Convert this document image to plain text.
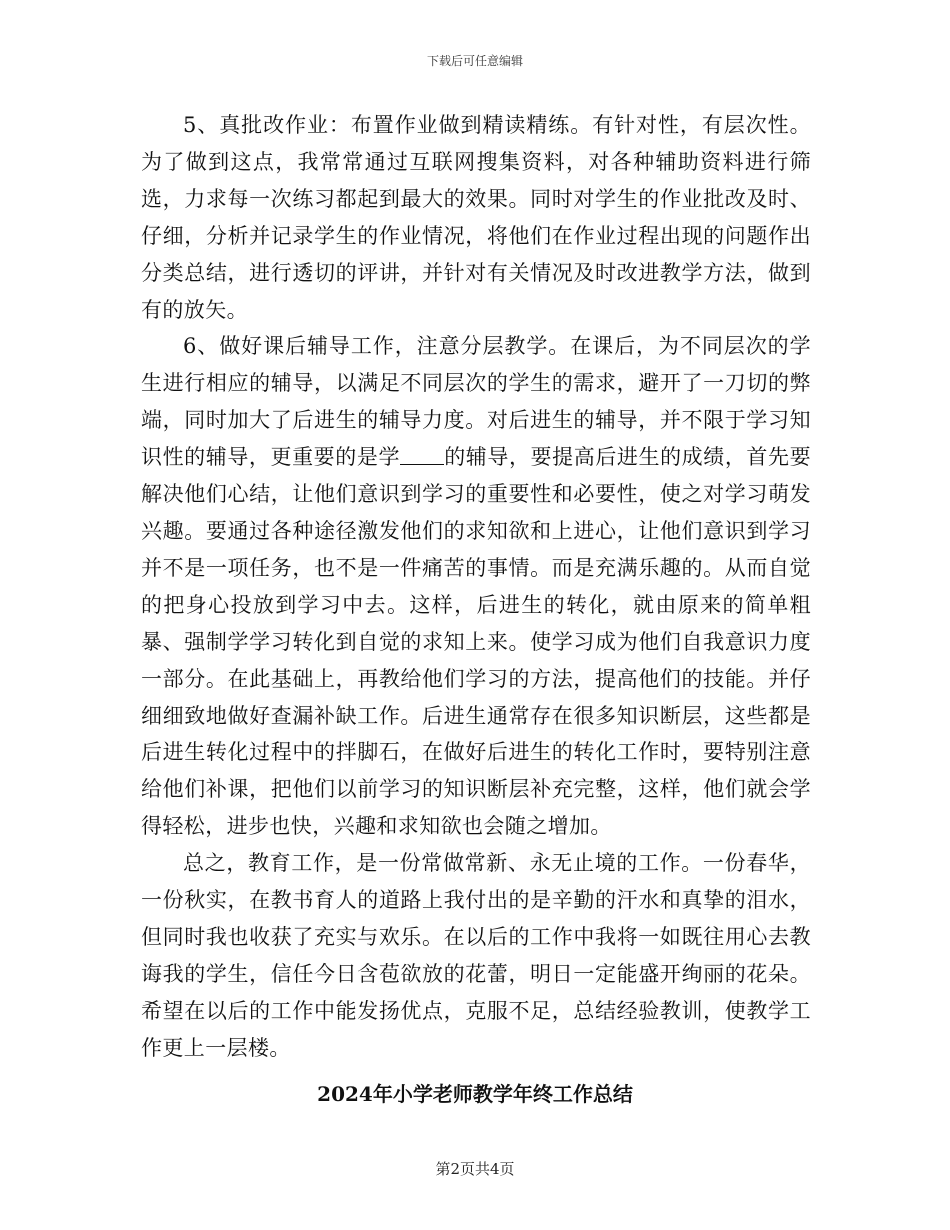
下载后可任意编辑

5、真批改作业：布置作业做到精读精练。有针对性，有层次性。为了做到这点，我常常通过互联网搜集资料，对各种辅助资料进行筛选，力求每一次练习都起到最大的效果。同时对学生的作业批改及时、仔细，分析并记录学生的作业情况，将他们在作业过程出现的问题作出分类总结，进行透切的评讲，并针对有关情况及时改进教学方法，做到有的放矢。

6、做好课后辅导工作，注意分层教学。在课后，为不同层次的学生进行相应的辅导，以满足不同层次的学生的需求，避开了一刀切的弊端，同时加大了后进生的辅导力度。对后进生的辅导，并不限于学习知识性的辅导，更重要的是学 的辅导，要提高后进生的成绩，首先要解决他们心结，让他们意识到学习的重要性和必要性，使之对学习萌发兴趣。要通过各种途径激发他们的求知欲和上进心，让他们意识到学习并不是一项任务，也不是一件痛苦的事情。而是充满乐趣的。从而自觉的把身心投放到学习中去。这样，后进生的转化，就由原来的简单粗暴、强制学学习转化到自觉的求知上来。使学习成为他们自我意识力度一部分。在此基础上，再教给他们学习的方法，提高他们的技能。并仔细细致地做好查漏补缺工作。后进生通常存在很多知识断层，这些都是后进生转化过程中的拌脚石，在做好后进生的转化工作时，要特别注意给他们补课，把他们以前学习的知识断层补充完整，这样，他们就会学得轻松，进步也快，兴趣和求知欲也会随之增加。

总之，教育工作，是一份常做常新、永无止境的工作。一份春华，一份秋实，在教书育人的道路上我付出的是辛勤的汗水和真挚的泪水，但同时我也收获了充实与欢乐。在以后的工作中我将一如既往用心去教诲我的学生，信任今日含苞欲放的花蕾，明日一定能盛开绚丽的花朵。希望在以后的工作中能发扬优点，克服不足，总结经验教训，使教学工作更上一层楼。

2024年小学老师教学年终工作总结
第2页共4页
